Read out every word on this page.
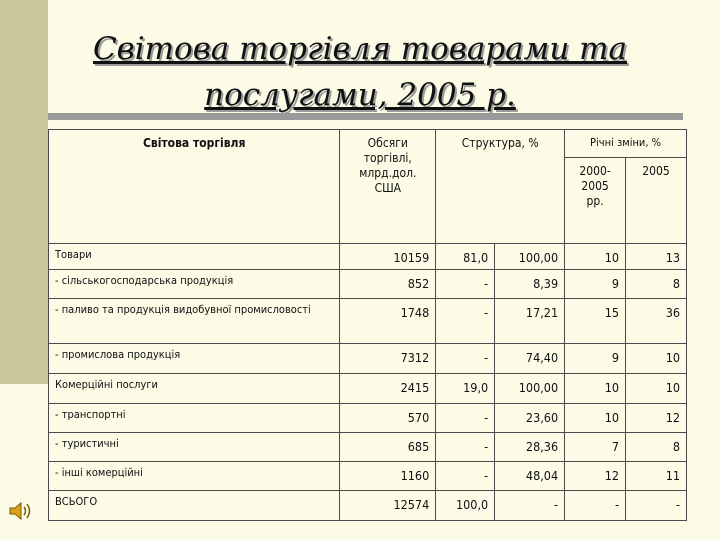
Світова торгівля товарами та послугами, 2005 р.
Світова торгівля	Обсяги торгівлі, млрд.дол. США	Структура, %		Річні зміни, %	
				2000-2005 рр.	2005
Товари	10159	81,0	100,00	10	13
- сільськогосподарська продукція	852	-	8,39	9	8
- паливо та продукція видобувної промисловості	1748	-	17,21	15	36
- промислова продукція	7312	-	74,40	9	10
Комерційні послуги	2415	19,0	100,00	10	10
- транспортні	570	-	23,60	10	12
- туристичні	685	-	28,36	7	8
- інші комерційні	1160	-	48,04	12	11
ВСЬОГО	12574	100,0	-	-	-
